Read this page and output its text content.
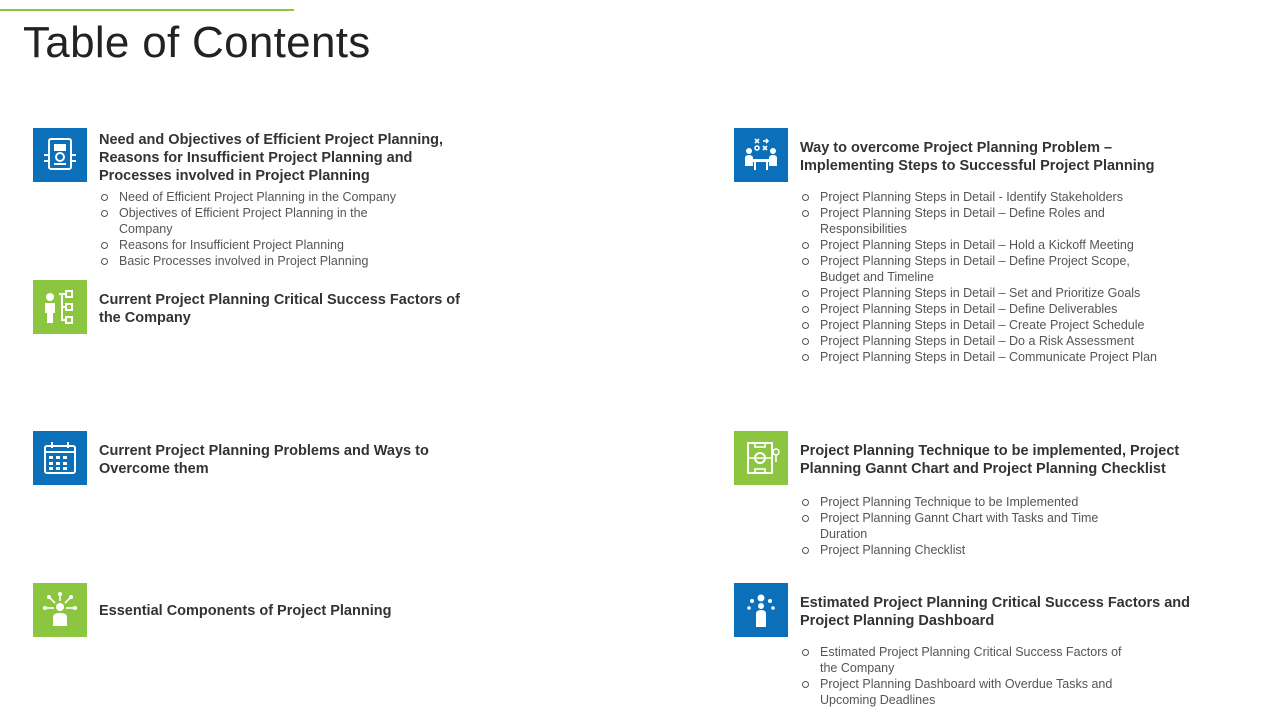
Table of Contents
Need and Objectives of Efficient Project Planning, Reasons for Insufficient Project Planning and Processes involved in Project Planning
Need of Efficient Project Planning in the Company
Objectives of Efficient Project Planning in the Company
Reasons for Insufficient Project Planning
Basic Processes involved in Project Planning
Current Project Planning Critical Success Factors of the Company
Current Project Planning Problems and Ways to Overcome them
Essential Components of Project Planning
Way to overcome Project Planning Problem – Implementing Steps to Successful Project Planning
Project Planning Steps in Detail - Identify Stakeholders
Project Planning Steps in Detail – Define Roles and Responsibilities
Project Planning Steps in Detail – Hold a Kickoff Meeting
Project Planning Steps in Detail – Define Project Scope, Budget and Timeline
Project Planning Steps in Detail – Set and Prioritize Goals
Project Planning Steps in Detail – Define Deliverables
Project Planning Steps in Detail – Create Project Schedule
Project Planning Steps in Detail – Do a Risk Assessment
Project Planning Steps in Detail – Communicate Project Plan
Project Planning Technique to be implemented, Project Planning Gannt Chart and Project Planning Checklist
Project Planning Technique to be Implemented
Project Planning Gannt Chart with Tasks and Time Duration
Project Planning Checklist
Estimated Project Planning Critical Success Factors and Project Planning Dashboard
Estimated Project Planning Critical Success Factors of the Company
Project Planning Dashboard with Overdue Tasks and Upcoming Deadlines
